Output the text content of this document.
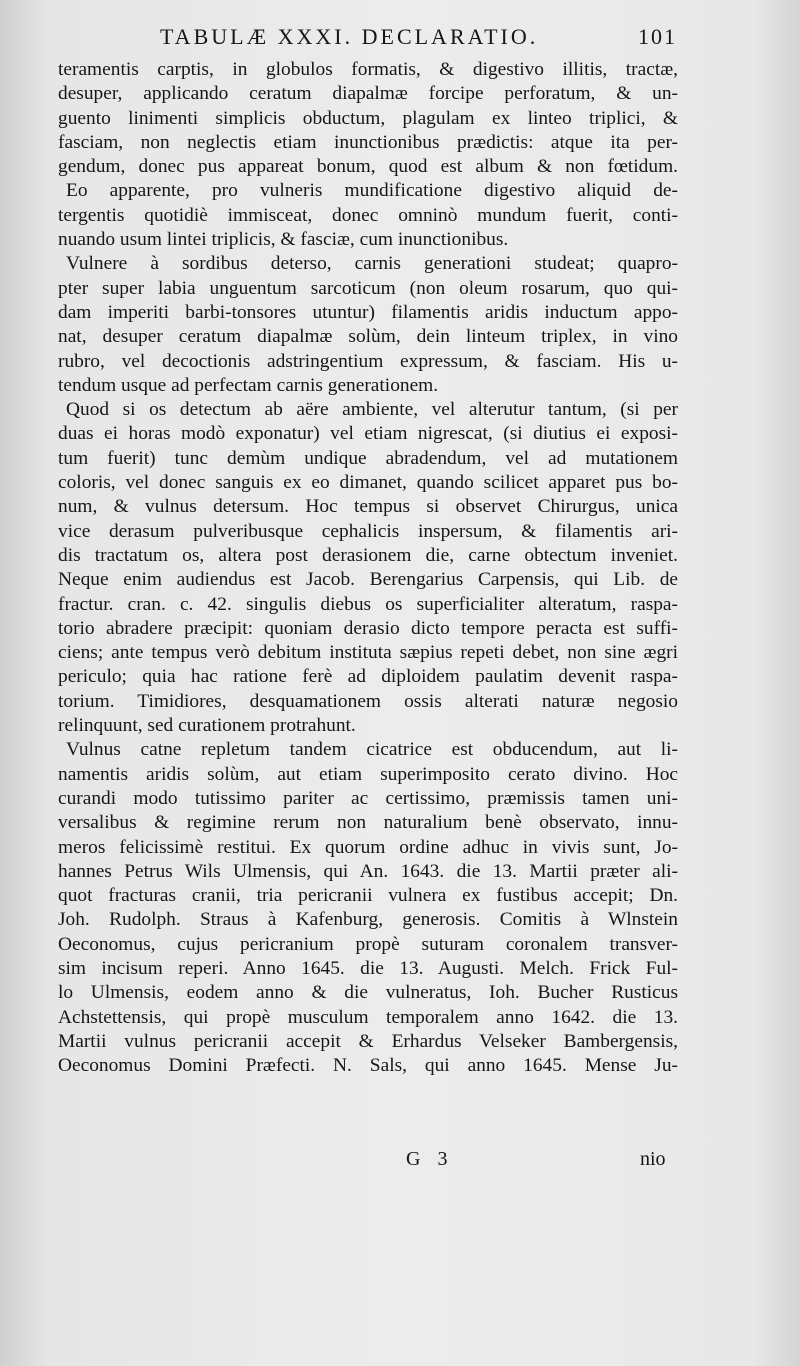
TABULÆ XXXI. DECLARATIO.	101
teramentis carptis, in globulos formatis, & digestivo illitis, tractæ,
desuper, applicando ceratum diapalmæ forcipe perforatum, & un-
guento linimenti simplicis obductum, plagulam ex linteo triplici, &
fasciam, non neglectis etiam inunctionibus prædictis: atque ita per-
gendum, donec pus appareat bonum, quod est album & non fœtidum.
Eo apparente, pro vulneris mundificatione digestivo aliquid de-
tergentis quotidiè immisceat, donec omninò mundum fuerit, conti-
nuando usum lintei triplicis, & fasciæ, cum inunctionibus.
Vulnere à sordibus deterso, carnis generationi studeat; quapro-
pter super labia unguentum sarcoticum (non oleum rosarum, quo qui-
dam imperiti barbi-tonsores utuntur) filamentis aridis inductum appo-
nat, desuper ceratum diapalmæ solùm, dein linteum triplex, in vino
rubro, vel decoctionis adstringentium expressum, & fasciam. His u-
tendum usque ad perfectam carnis generationem.
Quod si os detectum ab aëre ambiente, vel alterutur tantum, (si per
duas ei horas modò exponatur) vel etiam nigrescat, (si diutius ei exposi-
tum fuerit) tunc demùm undique abradendum, vel ad mutationem
coloris, vel donec sanguis ex eo dimanet, quando scilicet apparet pus bo-
num, & vulnus detersum. Hoc tempus si observet Chirurgus, unica
vice derasum pulveribusque cephalicis inspersum, & filamentis ari-
dis tractatum os, altera post derasionem die, carne obtectum inveniet.
Neque enim audiendus est Jacob. Berengarius Carpensis, qui Lib. de
fractur. cran. c. 42. singulis diebus os superficialiter alteratum, raspa-
torio abradere præcipit: quoniam derasio dicto tempore peracta est suffi-
ciens; ante tempus verò debitum instituta sæpius repeti debet, non sine ægri
periculo; quia hac ratione ferè ad diploidem paulatim devenit raspa-
torium. Timidiores, desquamationem ossis alterati naturæ negosio
relinquunt, sed curationem protrahunt.
Vulnus catne repletum tandem cicatrice est obducendum, aut li-
namentis aridis solùm, aut etiam superimposito cerato divino. Hoc
curandi modo tutissimo pariter ac certissimo, præmissis tamen uni-
versalibus & regimine rerum non naturalium benè observato, innu-
meros felicissimè restitui. Ex quorum ordine adhuc in vivis sunt, Jo-
hannes Petrus Wils Ulmensis, qui An. 1643. die 13. Martii præter ali-
quot fracturas cranii, tria pericranii vulnera ex fustibus accepit; Dn.
Joh. Rudolph. Straus à Kafenburg, generosis. Comitis à Wlnstein
Oeconomus, cujus pericranium propè suturam coronalem transver-
sim incisum reperi. Anno 1645. die 13. Augusti. Melch. Frick Ful-
lo Ulmensis, eodem anno & die vulneratus, Ioh. Bucher Rusticus
Achstettensis, qui propè musculum temporalem anno 1642. die 13.
Martii vulnus pericranii accepit & Erhardus Velseker Bambergensis,
Oeconomus Domini Præfecti. N. Sals, qui anno 1645. Mense Ju-
G 3	nio
